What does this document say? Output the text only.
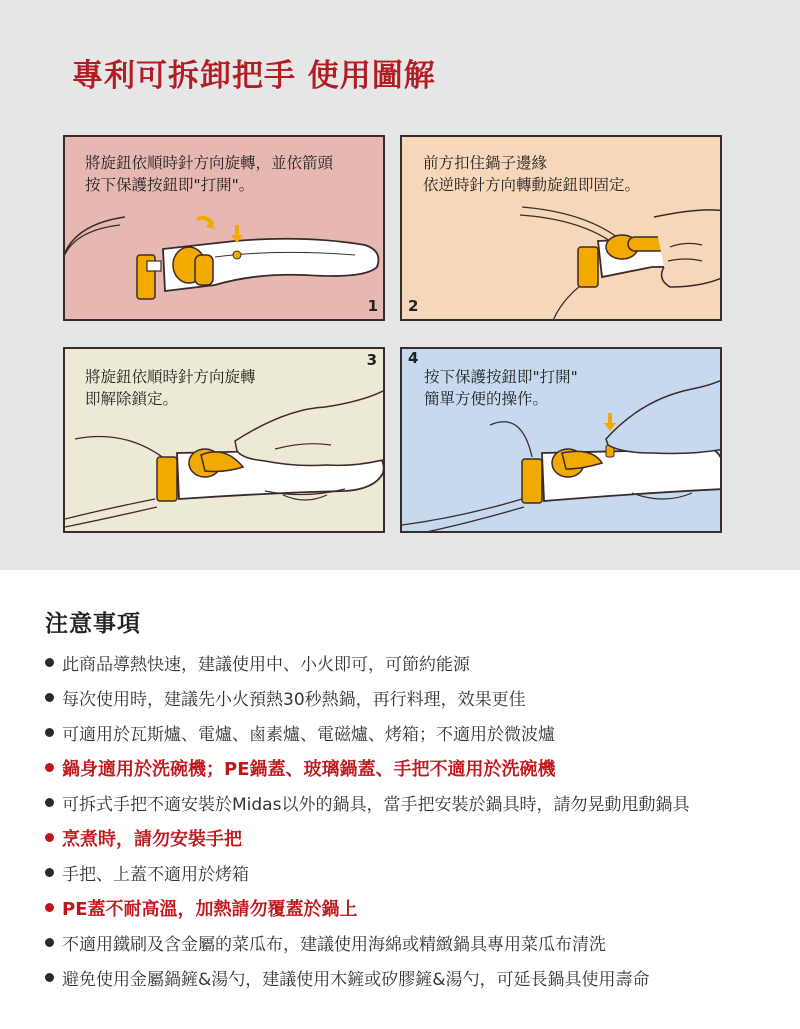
專利可拆卸把手 使用圖解
將旋鈕依順時針方向旋轉，並依箭頭
按下保護按鈕即"打開"。
1
前方扣住鍋子邊緣
依逆時針方向轉動旋鈕即固定。
2
將旋鈕依順時針方向旋轉
即解除鎖定。
3
按下保護按鈕即"打開"
簡單方便的操作。
4
注意事項
此商品導熱快速，建議使用中、小火即可，可節約能源
每次使用時，建議先小火預熱30秒熱鍋，再行料理，效果更佳
可適用於瓦斯爐、電爐、鹵素爐、電磁爐、烤箱；不適用於微波爐
鍋身適用於洗碗機；PE鍋蓋、玻璃鍋蓋、手把不適用於洗碗機
可拆式手把不適安裝於Midas以外的鍋具，當手把安裝於鍋具時，請勿晃動甩動鍋具
烹煮時，請勿安裝手把
手把、上蓋不適用於烤箱
PE蓋不耐高溫，加熱請勿覆蓋於鍋上
不適用鐵刷及含金屬的菜瓜布，建議使用海綿或精緻鍋具專用菜瓜布清洗
避免使用金屬鍋鏟&湯勺，建議使用木鏟或矽膠鏟&湯勺，可延長鍋具使用壽命
